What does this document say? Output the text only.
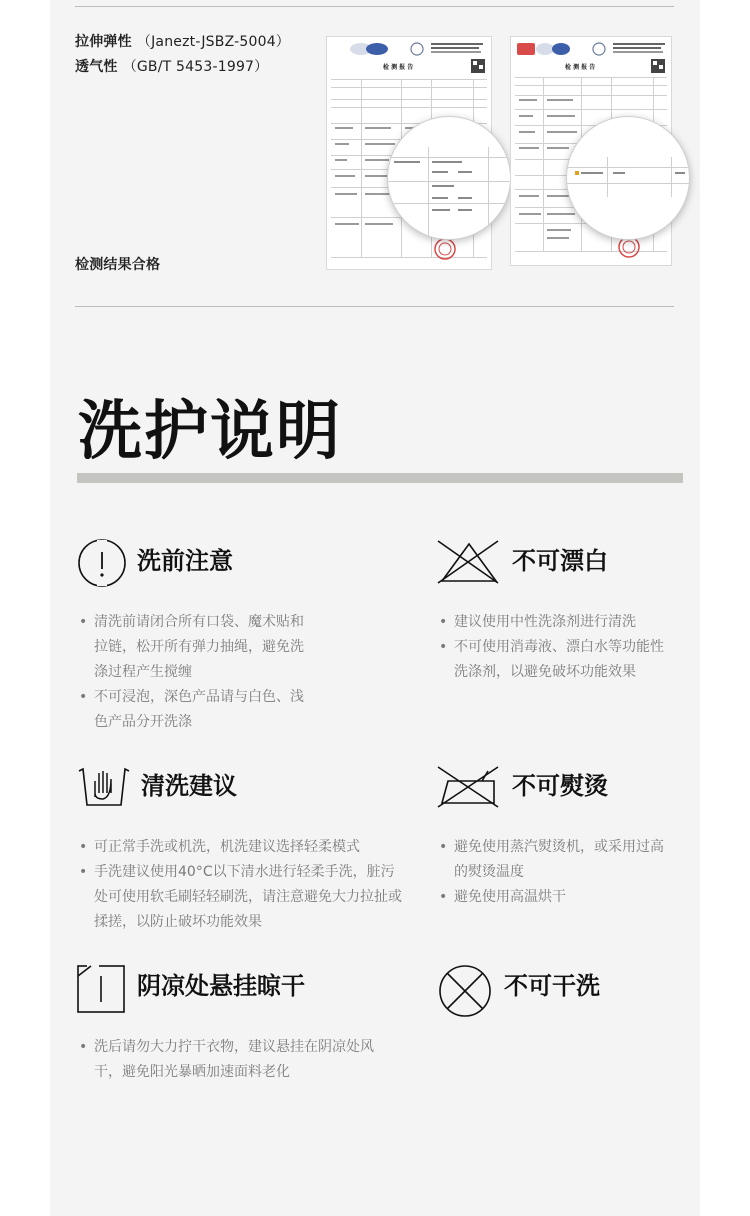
拉伸弹性 （Janezt-JSBZ-5004）
透气性 （GB/T 5453-1997）
检测结果合格
检 测 报 告	检 测 报 告
洗护说明
洗前注意
• 清洗前请闭合所有口袋、魔术贴和拉链，松开所有弹力抽绳，避免洗涤过程产生搅缠
• 不可浸泡，深色产品请与白色、浅色产品分开洗涤
不可漂白
• 建议使用中性洗涤剂进行清洗
• 不可使用消毒液、漂白水等功能性洗涤剂，以避免破坏功能效果
清洗建议
• 可正常手洗或机洗，机洗建议选择轻柔模式
• 手洗建议使用40°C以下清水进行轻柔手洗，脏污处可使用软毛刷轻轻刷洗，请注意避免大力拉扯或揉搓，以防止破坏功能效果
不可熨烫
• 避免使用蒸汽熨烫机，或采用过高的熨烫温度
• 避免使用高温烘干
阴凉处悬挂晾干
• 洗后请勿大力拧干衣物，建议悬挂在阴凉处风干，避免阳光暴晒加速面料老化
不可干洗
